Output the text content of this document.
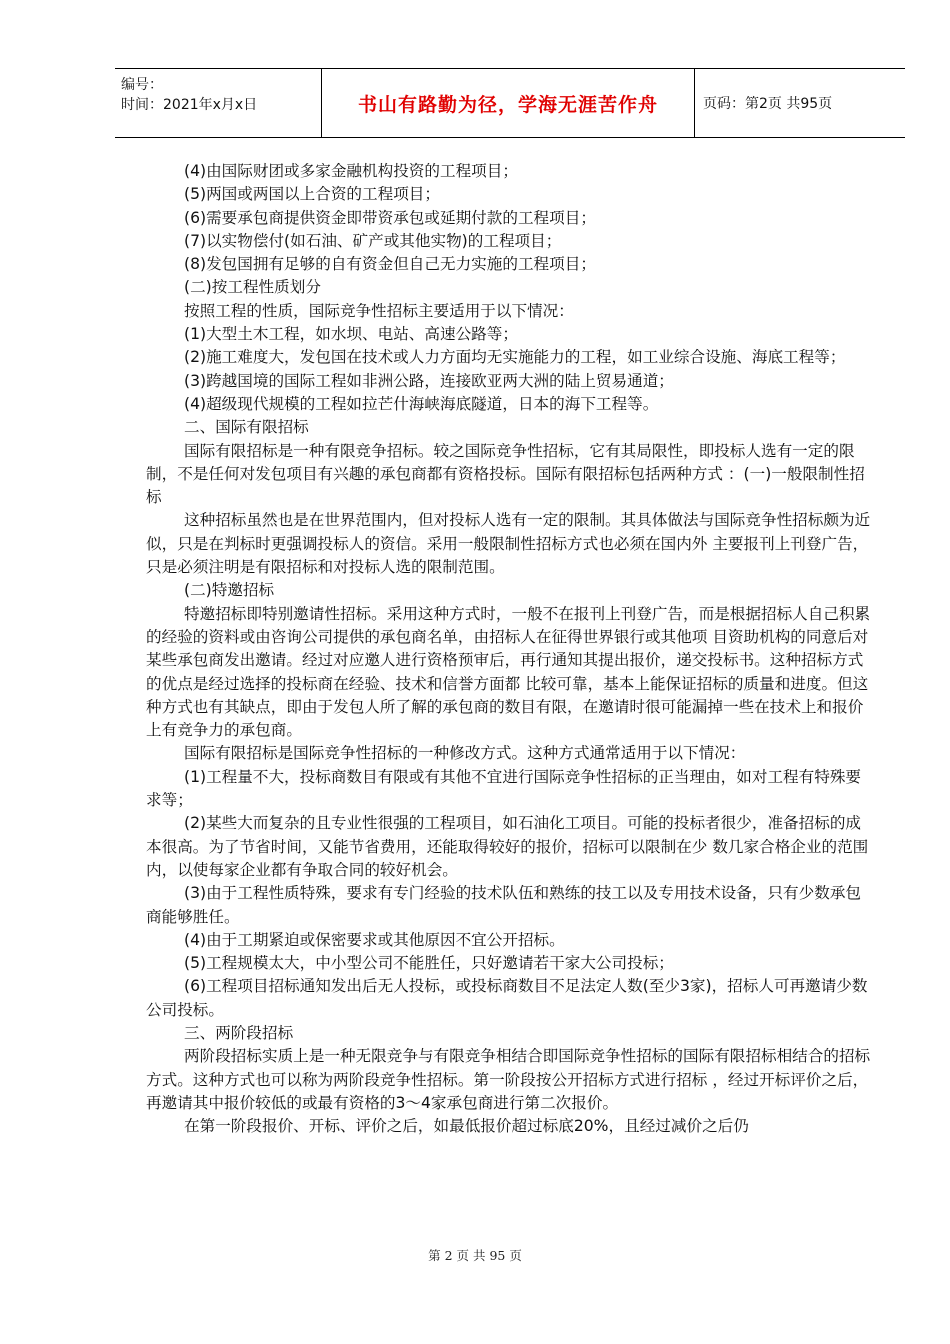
编号：
时间：2021年x月x日	书山有路勤为径，学海无涯苦作舟	页码：第2页 共95页

(4)由国际财团或多家金融机构投资的工程项目；

(5)两国或两国以上合资的工程项目；

(6)需要承包商提供资金即带资承包或延期付款的工程项目；

(7)以实物偿付(如石油、矿产或其他实物)的工程项目；

(8)发包国拥有足够的自有资金但自己无力实施的工程项目；

(二)按工程性质划分

按照工程的性质，国际竞争性招标主要适用于以下情况：

(1)大型土木工程，如水坝、电站、高速公路等；

(2)施工难度大，发包国在技术或人力方面均无实施能力的工程，如工业综合设施、海底工程等；

(3)跨越国境的国际工程如非洲公路，连接欧亚两大洲的陆上贸易通道；

(4)超级现代规模的工程如拉芒什海峡海底隧道，日本的海下工程等。

二、国际有限招标

国际有限招标是一种有限竞争招标。较之国际竞争性招标，它有其局限性，即投标人选有一定的限制，不是任何对发包项目有兴趣的承包商都有资格投标。国际有限招标包括两种方式 ：(一)一般限制性招标

这种招标虽然也是在世界范围内，但对投标人选有一定的限制。其具体做法与国际竞争性招标颇为近似，只是在判标时更强调投标人的资信。采用一般限制性招标方式也必须在国内外 主要报刊上刊登广告，只是必须注明是有限招标和对投标人选的限制范围。

(二)特邀招标

特邀招标即特别邀请性招标。采用这种方式时，一般不在报刊上刊登广告，而是根据招标人自己积累的经验的资料或由咨询公司提供的承包商名单，由招标人在征得世界银行或其他项 目资助机构的同意后对某些承包商发出邀请。经过对应邀人进行资格预审后，再行通知其提出报价，递交投标书。这种招标方式的优点是经过选择的投标商在经验、技术和信誉方面都 比较可靠，基本上能保证招标的质量和进度。但这种方式也有其缺点，即由于发包人所了解的承包商的数目有限，在邀请时很可能漏掉一些在技术上和报价上有竞争力的承包商。

国际有限招标是国际竞争性招标的一种修改方式。这种方式通常适用于以下情况：

(1)工程量不大，投标商数目有限或有其他不宜进行国际竞争性招标的正当理由，如对工程有特殊要求等；

(2)某些大而复杂的且专业性很强的工程项目，如石油化工项目。可能的投标者很少，准备招标的成本很高。为了节省时间，又能节省费用，还能取得较好的报价，招标可以限制在少 数几家合格企业的范围内，以使每家企业都有争取合同的较好机会。

(3)由于工程性质特殊，要求有专门经验的技术队伍和熟练的技工以及专用技术设备，只有少数承包商能够胜任。

(4)由于工期紧迫或保密要求或其他原因不宜公开招标。

(5)工程规模太大，中小型公司不能胜任，只好邀请若干家大公司投标；

(6)工程项目招标通知发出后无人投标，或投标商数目不足法定人数(至少3家)，招标人可再邀请少数公司投标。

三、两阶段招标

两阶段招标实质上是一种无限竞争与有限竞争相结合即国际竞争性招标的国际有限招标相结合的招标方式。这种方式也可以称为两阶段竞争性招标。第一阶段按公开招标方式进行招标 ，经过开标评价之后，再邀请其中报价较低的或最有资格的3～4家承包商进行第二次报价。

在第一阶段报价、开标、评价之后，如最低报价超过标底20%，且经过减价之后仍

第 2 页 共 95 页
